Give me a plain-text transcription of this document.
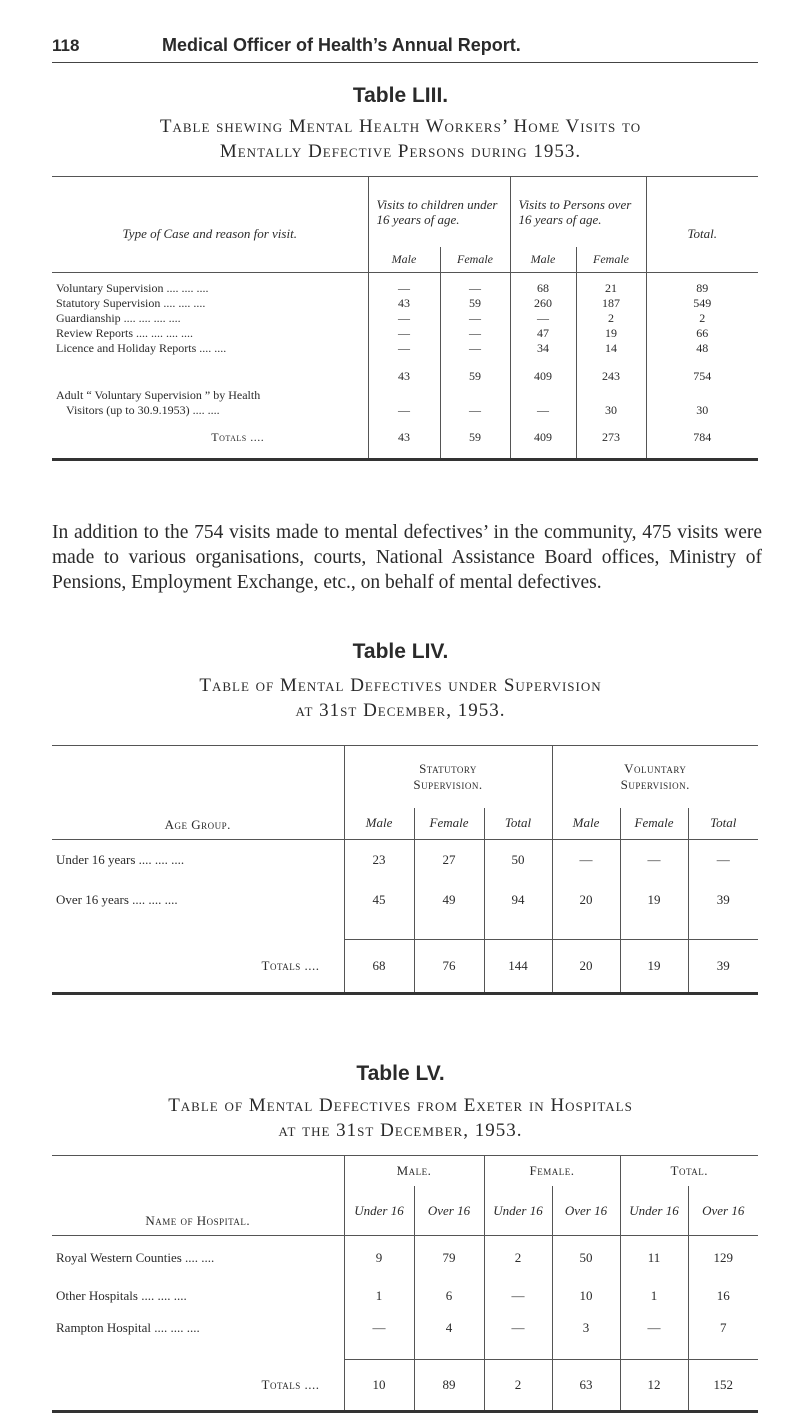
118	Medical Officer of Health’s Annual Report.
Table LIII.
Table shewing Mental Health Workers’ Home Visits to
Mentally Defective Persons during 1953.
Type of Case and reason for visit.	Visits to children under 16 years of age.		Visits to Persons over 16 years of age.		Total.
	Male	Female	Male	Female	

Voluntary Supervision .... .... ....	—	—	68	21	89
Statutory Supervision .... .... ....	43	59	260	187	549
Guardianship .... .... .... ....	—	—	—	2	2
Review Reports .... .... .... ....	—	—	47	19	66
Licence and Holiday Reports .... ....	—	—	34	14	48
	43	59	409	243	754

Adult “ Voluntary Supervision ” by Health
Visitors (up to 30.9.1953) .... ....	—	—	—	30	30
Totals ....	43	59	409	273	784
In addition to the 754 visits made to mental defectives’ in the community, 475 visits were made to various organisations, courts, National Assistance Board offices, Ministry of Pensions, Employment Exchange, etc., on behalf of mental defectives.
Table LIV.
Table of Mental Defectives under Supervision
at 31st December, 1953.
Age Group.	Statutory Supervision.			Voluntary Supervision.		
	Male	Female	Total	Male	Female	Total
Under 16 years .... .... ....	23	27	50	—	—	—
Over 16 years .... .... ....	45	49	94	20	19	39

Totals ....	68	76	144	20	19	39
Table LV.
Table of Mental Defectives from Exeter in Hospitals
at the 31st December, 1953.
Name of Hospital.	Male.		Female.		Total.	
	Under 16	Over 16	Under 16	Over 16	Under 16	Over 16
Royal Western Counties .... ....	9	79	2	50	11	129
Other Hospitals .... .... ....	1	6	—	10	1	16
Rampton Hospital .... .... ....	—	4	—	3	—	7

Totals ....	10	89	2	63	12	152
